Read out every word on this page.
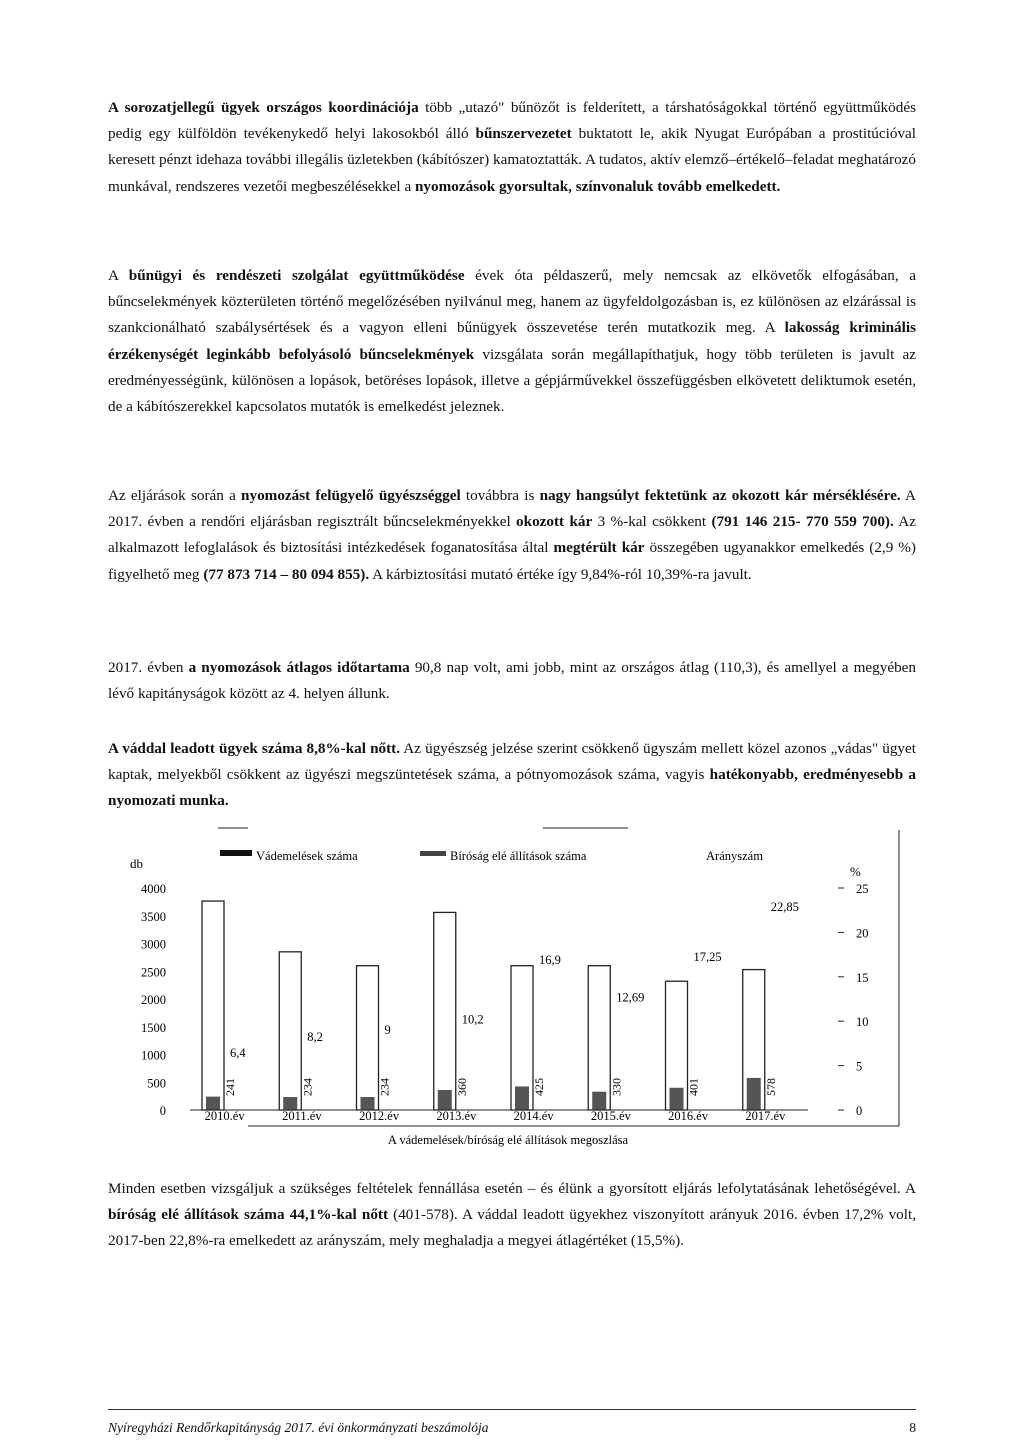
A sorozatjellegű ügyek országos koordinációja több „utazó" bűnözőt is felderített, a társhatóságokkal történő együttműködés pedig egy külföldön tevékenykedő helyi lakosokból álló bűnszervezetet buktatott le, akik Nyugat Európában a prostitúcióval keresett pénzt idehaza további illegális üzletekben (kábítószer) kamatoztatták. A tudatos, aktív elemző–értékelő–feladat meghatározó munkával, rendszeres vezetői megbeszélésekkel a nyomozások gyorsultak, színvonaluk tovább emelkedett.

A bűnügyi és rendészeti szolgálat együttműködése évek óta példaszerű, mely nemcsak az elkövetők elfogásában, a bűncselekmények közterületen történő megelőzésében nyilvánul meg, hanem az ügyfeldolgozásban is, ez különösen az elzárással is szankcionálható szabálysértések és a vagyon elleni bűnügyek összevetése terén mutatkozik meg. A lakosság kriminális érzékenységét leginkább befolyásoló bűncselekmények vizsgálata során megállapíthatjuk, hogy több területen is javult az eredményességünk, különösen a lopások, betöréses lopások, illetve a gépjárművekkel összefüggésben elkövetett deliktumok esetén, de a kábítószerekkel kapcsolatos mutatók is emelkedést jeleznek.

Az eljárások során a nyomozást felügyelő ügyészséggel továbbra is nagy hangsúlyt fektetünk az okozott kár mérséklésére. A 2017. évben a rendőri eljárásban regisztrált bűncselekményekkel okozott kár 3 %-kal csökkent (791 146 215- 770 559 700). Az alkalmazott lefoglalások és biztosítási intézkedések foganatosítása által megtérült kár összegében ugyanakkor emelkedés (2,9 %) figyelhető meg (77 873 714 – 80 094 855). A kárbiztosítási mutató értéke így 9,84%-ról 10,39%-ra javult.

2017. évben a nyomozások átlagos időtartama 90,8 nap volt, ami jobb, mint az országos átlag (110,3), és amellyel a megyében lévő kapitányságok között az 4. helyen állunk.

A váddal leadott ügyek száma 8,8%-kal nőtt. Az ügyészség jelzése szerint csökkenő ügyszám mellett közel azonos „vádas" ügyet kaptak, melyekből csökkent az ügyészi megszüntetések száma, a pótnyomozások száma, vagyis hatékonyabb, eredményesebb a nyomozati munka.

db
%
0
500
1000
1500
2000
2500
3000
3500
4000
0
5
10
15
20
25
Vádemelések száma	Bíróság elé állítások száma	Arányszám
241
6,4
2010.év
234
8,2
2011.év
234
9
2012.év
360
10,2
2013.év
425
16,9
2014.év
330
12,69
2015.év
401
17,25
2016.év
578
22,85
2017.év
A vádemelések/bíróság elé állítások megoszlása

Minden esetben vizsgáljuk a szükséges feltételek fennállása esetén – és élünk a gyorsított eljárás lefolytatásának lehetőségével. A bíróság elé állítások száma 44,1%-kal nőtt (401-578). A váddal leadott ügyekhez viszonyított arányuk 2016. évben 17,2% volt, 2017-ben 22,8%-ra emelkedett az arányszám, mely meghaladja a megyei átlagértéket (15,5%).

Nyíregyházi Rendőrkapitányság 2017. évi önkormányzati beszámolója	8
